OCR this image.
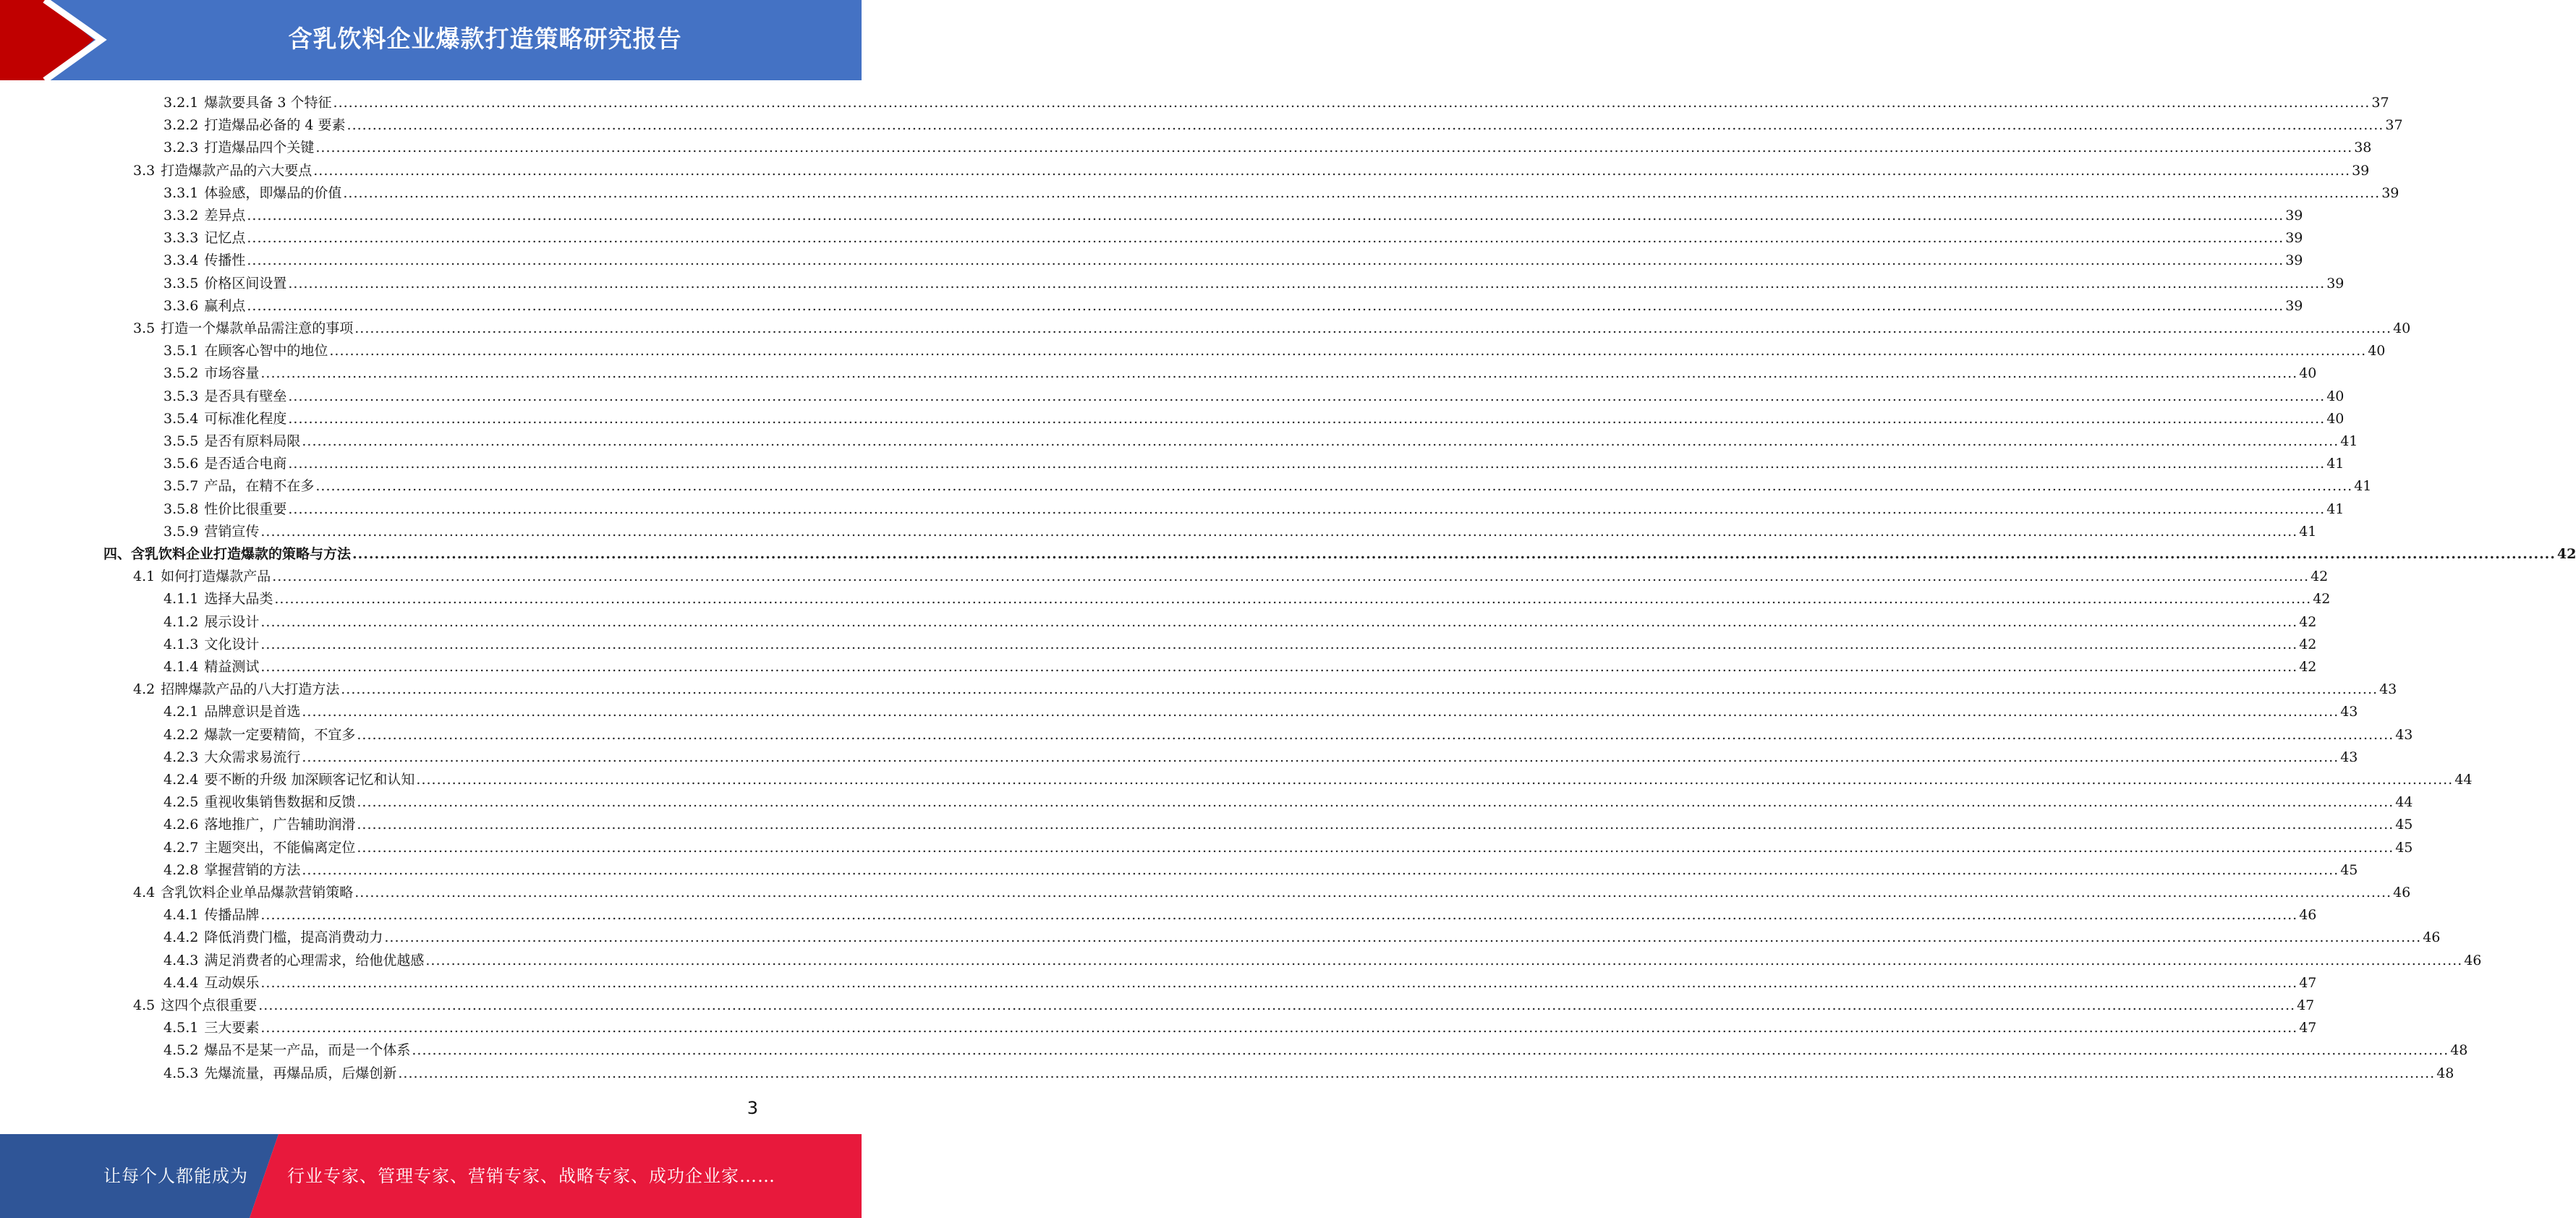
含乳饮料企业爆款打造策略研究报告
3.2.1 爆款要具备 3 个特征 ................................................................................................................................................................................................................................................................................................................................................................................................................ 37
3.2.2 打造爆品必备的 4 要素 ................................................................................................................................................................................................................................................................................................................................................................................................................ 37
3.2.3 打造爆品四个关键 ................................................................................................................................................................................................................................................................................................................................................................................................................ 38
3.3 打造爆款产品的六大要点 ................................................................................................................................................................................................................................................................................................................................................................................................................ 39
3.3.1 体验感，即爆品的价值 ................................................................................................................................................................................................................................................................................................................................................................................................................ 39
3.3.2 差异点 ................................................................................................................................................................................................................................................................................................................................................................................................................ 39
3.3.3 记忆点 ................................................................................................................................................................................................................................................................................................................................................................................................................ 39
3.3.4 传播性 ................................................................................................................................................................................................................................................................................................................................................................................................................ 39
3.3.5 价格区间设置 ................................................................................................................................................................................................................................................................................................................................................................................................................ 39
3.3.6 赢利点 ................................................................................................................................................................................................................................................................................................................................................................................................................ 39
3.5 打造一个爆款单品需注意的事项 ................................................................................................................................................................................................................................................................................................................................................................................................................ 40
3.5.1 在顾客心智中的地位 ................................................................................................................................................................................................................................................................................................................................................................................................................ 40
3.5.2 市场容量 ................................................................................................................................................................................................................................................................................................................................................................................................................ 40
3.5.3 是否具有壁垒 ................................................................................................................................................................................................................................................................................................................................................................................................................ 40
3.5.4 可标准化程度 ................................................................................................................................................................................................................................................................................................................................................................................................................ 40
3.5.5 是否有原料局限 ................................................................................................................................................................................................................................................................................................................................................................................................................ 41
3.5.6 是否适合电商 ................................................................................................................................................................................................................................................................................................................................................................................................................ 41
3.5.7 产品，在精不在多 ................................................................................................................................................................................................................................................................................................................................................................................................................ 41
3.5.8 性价比很重要 ................................................................................................................................................................................................................................................................................................................................................................................................................ 41
3.5.9 营销宣传 ................................................................................................................................................................................................................................................................................................................................................................................................................ 41
四、含乳饮料企业打造爆款的策略与方法 ................................................................................................................................................................................................................................................................................................................................................................................................................ 42
4.1 如何打造爆款产品 ................................................................................................................................................................................................................................................................................................................................................................................................................ 42
4.1.1 选择大品类 ................................................................................................................................................................................................................................................................................................................................................................................................................ 42
4.1.2 展示设计 ................................................................................................................................................................................................................................................................................................................................................................................................................ 42
4.1.3 文化设计 ................................................................................................................................................................................................................................................................................................................................................................................................................ 42
4.1.4 精益测试 ................................................................................................................................................................................................................................................................................................................................................................................................................ 42
4.2 招牌爆款产品的八大打造方法 ................................................................................................................................................................................................................................................................................................................................................................................................................ 43
4.2.1 品牌意识是首选 ................................................................................................................................................................................................................................................................................................................................................................................................................ 43
4.2.2 爆款一定要精简，不宜多 ................................................................................................................................................................................................................................................................................................................................................................................................................ 43
4.2.3 大众需求易流行 ................................................................................................................................................................................................................................................................................................................................................................................................................ 43
4.2.4 要不断的升级 加深顾客记忆和认知 ................................................................................................................................................................................................................................................................................................................................................................................................................ 44
4.2.5 重视收集销售数据和反馈 ................................................................................................................................................................................................................................................................................................................................................................................................................ 44
4.2.6 落地推广，广告辅助润滑 ................................................................................................................................................................................................................................................................................................................................................................................................................ 45
4.2.7 主题突出，不能偏离定位 ................................................................................................................................................................................................................................................................................................................................................................................................................ 45
4.2.8 掌握营销的方法 ................................................................................................................................................................................................................................................................................................................................................................................................................ 45
4.4 含乳饮料企业单品爆款营销策略 ................................................................................................................................................................................................................................................................................................................................................................................................................ 46
4.4.1 传播品牌 ................................................................................................................................................................................................................................................................................................................................................................................................................ 46
4.4.2 降低消费门槛，提高消费动力 ................................................................................................................................................................................................................................................................................................................................................................................................................ 46
4.4.3 满足消费者的心理需求，给他优越感 ................................................................................................................................................................................................................................................................................................................................................................................................................ 46
4.4.4 互动娱乐 ................................................................................................................................................................................................................................................................................................................................................................................................................ 47
4.5 这四个点很重要 ................................................................................................................................................................................................................................................................................................................................................................................................................ 47
4.5.1 三大要素 ................................................................................................................................................................................................................................................................................................................................................................................................................ 47
4.5.2 爆品不是某一产品，而是一个体系 ................................................................................................................................................................................................................................................................................................................................................................................................................ 48
4.5.3 先爆流量，再爆品质，后爆创新 ................................................................................................................................................................................................................................................................................................................................................................................................................ 48
3
让每个人都能成为 行业专家、管理专家、营销专家、战略专家、成功企业家……
